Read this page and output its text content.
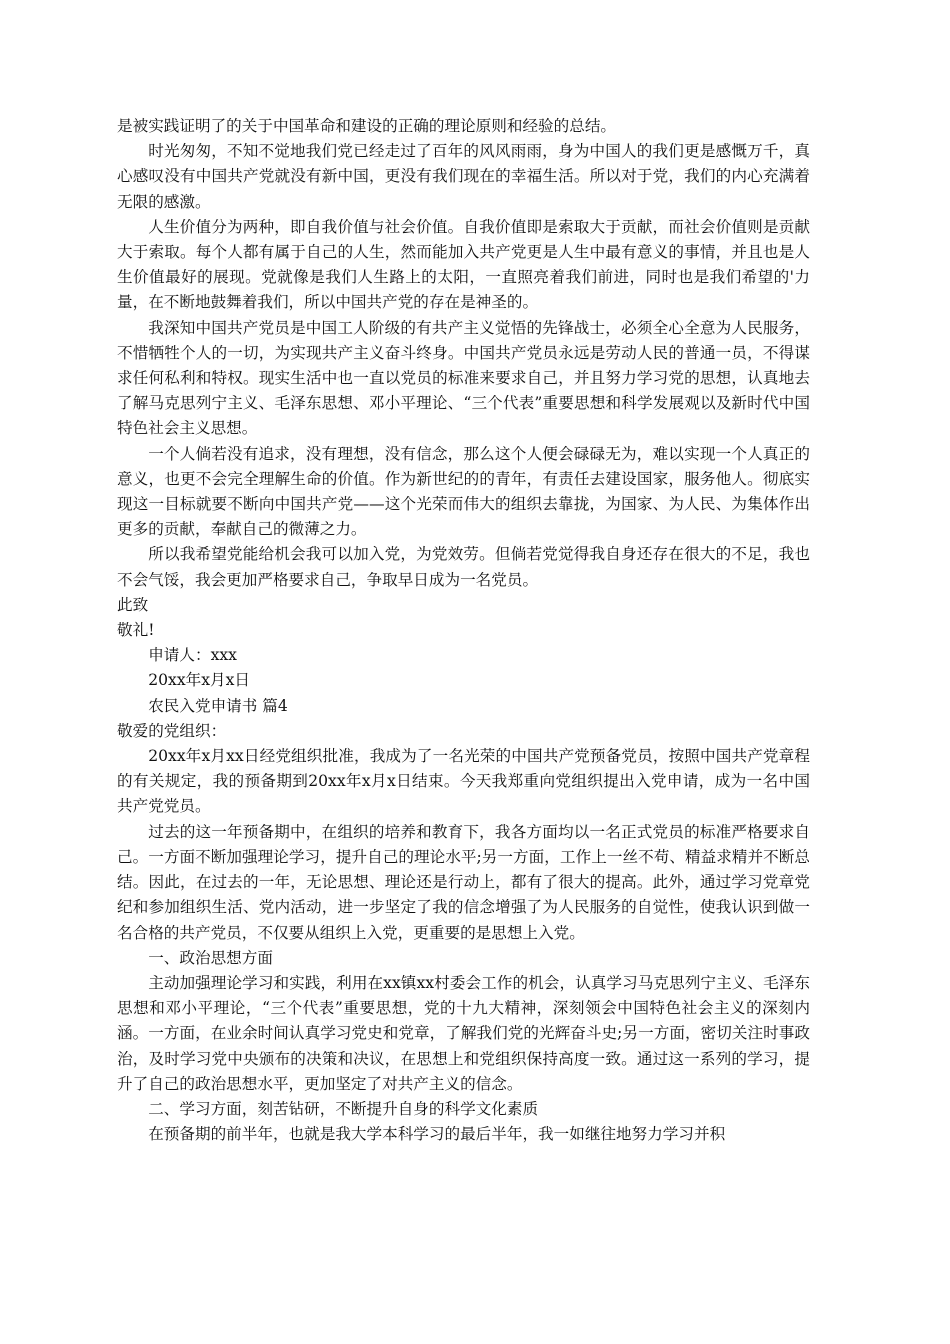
是被实践证明了的关于中国革命和建设的正确的理论原则和经验的总结。

时光匆匆，不知不觉地我们党已经走过了百年的风风雨雨，身为中国人的我们更是感慨万千，真心感叹没有中国共产党就没有新中国，更没有我们现在的幸福生活。所以对于党，我们的内心充满着无限的感激。

人生价值分为两种，即自我价值与社会价值。自我价值即是索取大于贡献，而社会价值则是贡献大于索取。每个人都有属于自己的人生，然而能加入共产党更是人生中最有意义的事情，并且也是人生价值最好的展现。党就像是我们人生路上的太阳，一直照亮着我们前进，同时也是我们希望的'力量，在不断地鼓舞着我们，所以中国共产党的存在是神圣的。

我深知中国共产党员是中国工人阶级的有共产主义觉悟的先锋战士，必须全心全意为人民服务，不惜牺牲个人的一切，为实现共产主义奋斗终身。中国共产党员永远是劳动人民的普通一员，不得谋求任何私利和特权。现实生活中也一直以党员的标准来要求自己，并且努力学习党的思想，认真地去了解马克思列宁主义、毛泽东思想、邓小平理论、“三个代表”重要思想和科学发展观以及新时代中国特色社会主义思想。

一个人倘若没有追求，没有理想，没有信念，那么这个人便会碌碌无为，难以实现一个人真正的意义，也更不会完全理解生命的价值。作为新世纪的的青年，有责任去建设国家，服务他人。彻底实现这一目标就要不断向中国共产党——这个光荣而伟大的组织去靠拢，为国家、为人民、为集体作出更多的贡献，奉献自己的微薄之力。

所以我希望党能给机会我可以加入党，为党效劳。但倘若党觉得我自身还存在很大的不足，我也不会气馁，我会更加严格要求自己，争取早日成为一名党员。

此致

敬礼!

申请人：xxx

20xx年x月x日

农民入党申请书 篇4

敬爱的党组织：

20xx年x月xx日经党组织批准，我成为了一名光荣的中国共产党预备党员，按照中国共产党章程的有关规定，我的预备期到20xx年x月x日结束。今天我郑重向党组织提出入党申请，成为一名中国共产党党员。

过去的这一年预备期中，在组织的培养和教育下，我各方面均以一名正式党员的标准严格要求自己。一方面不断加强理论学习，提升自己的理论水平;另一方面，工作上一丝不苟、精益求精并不断总结。因此，在过去的一年，无论思想、理论还是行动上，都有了很大的提高。此外，通过学习党章党纪和参加组织生活、党内活动，进一步坚定了我的信念增强了为人民服务的自觉性，使我认识到做一名合格的共产党员，不仅要从组织上入党，更重要的是思想上入党。

一、政治思想方面

主动加强理论学习和实践，利用在xx镇xx村委会工作的机会，认真学习马克思列宁主义、毛泽东思想和邓小平理论，“三个代表”重要思想，党的十九大精神，深刻领会中国特色社会主义的深刻内涵。一方面，在业余时间认真学习党史和党章，了解我们党的光辉奋斗史;另一方面，密切关注时事政治，及时学习党中央颁布的决策和决议，在思想上和党组织保持高度一致。通过这一系列的学习，提升了自己的政治思想水平，更加坚定了对共产主义的信念。

二、学习方面，刻苦钻研，不断提升自身的科学文化素质

在预备期的前半年，也就是我大学本科学习的最后半年，我一如继往地努力学习并积
